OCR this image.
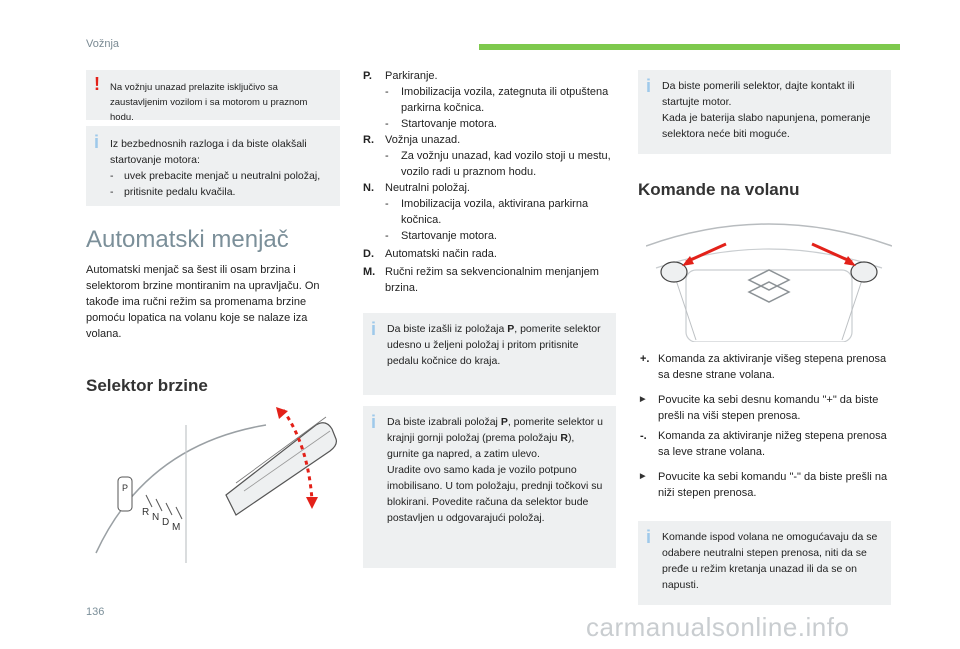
Vožnja
!	Na vožnju unazad prelazite isključivo sa zaustavljenim vozilom i sa motorom u praznom hodu.
i Iz bezbednosnih razloga i da biste olakšali startovanje motora:
-	uvek prebacite menjač u neutralni položaj,
-	pritisnite pedalu kvačila.
Automatski menjač
Automatski menjač sa šest ili osam brzina i selektorom brzine montiranim na upravljaču. On takođe ima ručni režim sa promenama brzine pomoću lopatica na volanu koje se nalaze iza volana.
Selektor brzine
P
R N D M
P.	Parkiranje.
-	Imobilizacija vozila, zategnuta ili otpuštena parkirna kočnica.
-	Startovanje motora.
R.	Vožnja unazad.
-	Za vožnju unazad, kad vozilo stoji u mestu, vozilo radi u praznom hodu.
N.	Neutralni položaj.
-	Imobilizacija vozila, aktivirana parkirna kočnica.
-	Startovanje motora.
D.	Automatski način rada.
M. Ručni režim sa sekvencionalnim menjanjem brzina.
i	Da biste izašli iz položaja P, pomerite selektor udesno u željeni položaj i pritom pritisnite pedalu kočnice do kraja.
i Da biste izabrali položaj P, pomerite selektor u krajnji gornji položaj (prema položaju R), gurnite ga napred, a zatim ulevo.
Uradite ovo samo kada je vozilo potpuno imobilisano. U tom položaju, prednji točkovi su blokirani. Povedite računa da selektor bude postavljen u odgovarajući položaj.
i Da biste pomerili selektor, dajte kontakt ili startujte motor.
Kada je baterija slabo napunjena, pomeranje selektora neće biti moguće.
Komande na volanu
+. Komanda za aktiviranje višeg stepena prenosa sa desne strane volana.
▶	Povucite ka sebi desnu komandu "+" da biste prešli na viši stepen prenosa.
-.	Komanda za aktiviranje nižeg stepena prenosa sa leve strane volana.
▶	Povucite ka sebi komandu "-" da biste prešli na niži stepen prenosa.
i	Komande ispod volana ne omogućavaju da se odabere neutralni stepen prenosa, niti da se pređe u režim kretanja unazad ili da se on napusti.
136	carmanualsonline.info
